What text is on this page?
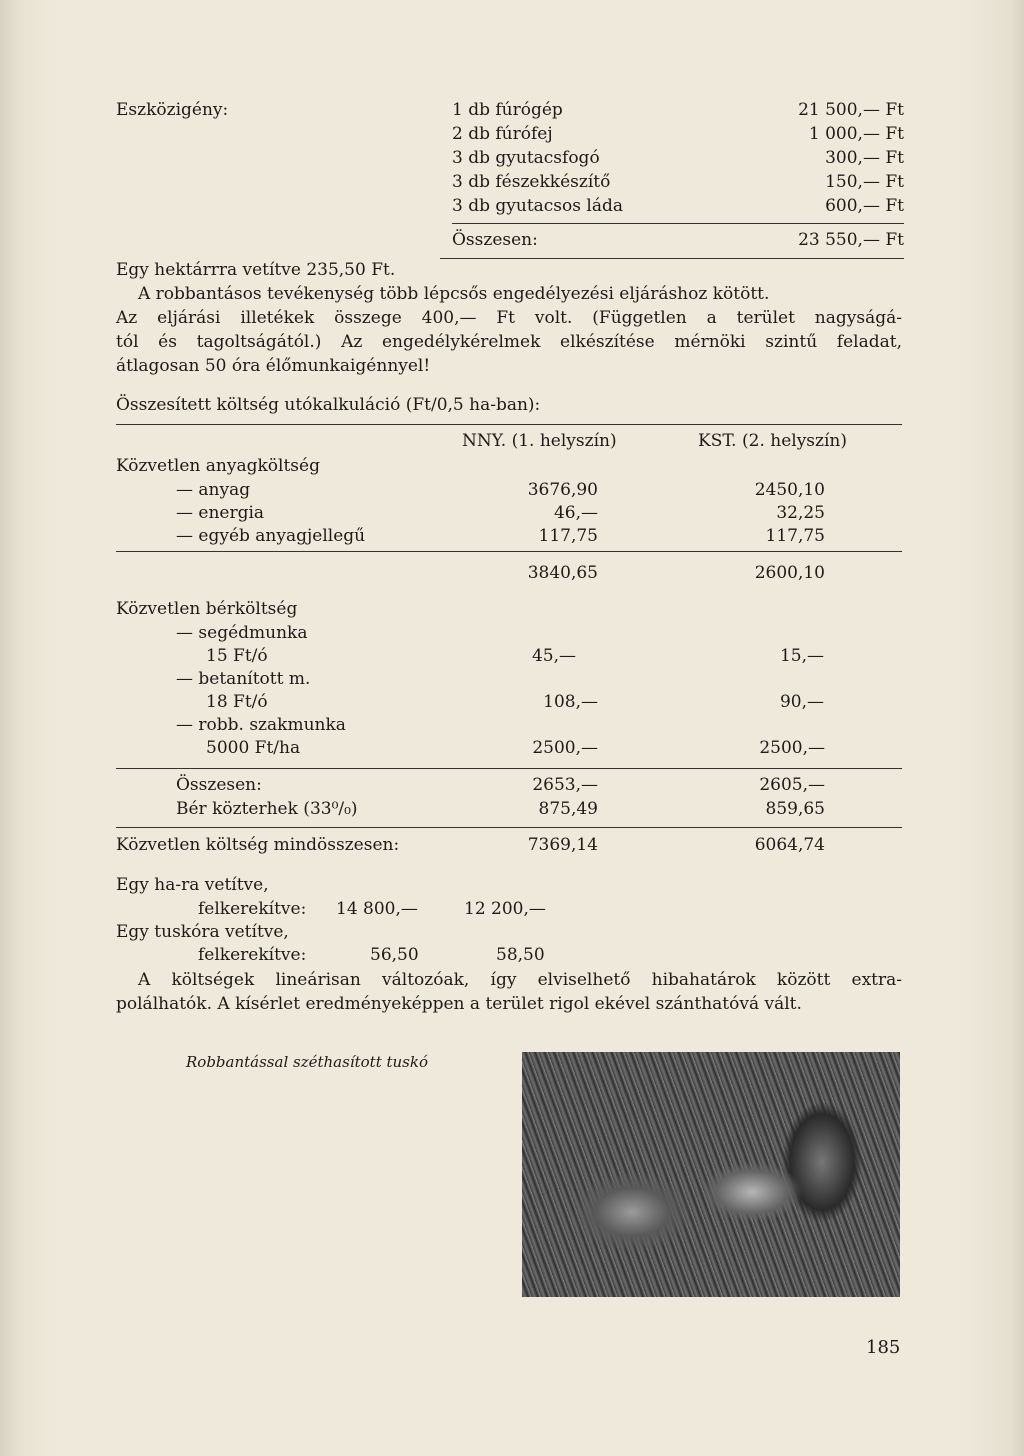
Eszközigény:	1 db fúrógép	21 500,— Ft
2 db fúrófej	1 000,— Ft
3 db gyutacsfogó	300,— Ft
3 db fészekkészítő	150,— Ft
3 db gyutacsos láda	600,— Ft
Összesen:	23 550,— Ft
Egy hektárrra vetítve 235,50 Ft.
A robbantásos tevékenység több lépcsős engedélyezési eljáráshoz kötött.
Az eljárási illetékek összege 400,— Ft volt. (Független a terület nagyságá-
tól és tagoltságától.) Az engedélykérelmek elkészítése mérnöki szintű feladat,
átlagosan 50 óra élőmunkaigénnyel!
Összesített költség utókalkuláció (Ft/0,5 ha-ban):
NNY. (1. helyszín)	KST. (2. helyszín)
Közvetlen anyagköltség
— anyag	3676,90	2450,10
— energia	46,—	32,25
— egyéb anyagjellegű	117,75	117,75
3840,65	2600,10
Közvetlen bérköltség
— segédmunka
15 Ft/ó	45,—	15,—
— betanított m.
18 Ft/ó	108,—	90,—
— robb. szakmunka
5000 Ft/ha	2500,—	2500,—
Összesen:	2653,—	2605,—
Bér közterhek (33⁰/₀)	875,49	859,65
Közvetlen költség mindösszesen:	7369,14	6064,74
Egy ha-ra vetítve,
felkerekítve: 14 800,—	12 200,—
Egy tuskóra vetítve,
felkerekítve:	56,50	58,50
A költségek lineárisan változóak, így elviselhető hibahatárok között extra-
polálhatók. A kísérlet eredményeképpen a terület rigol ekével szánthatóvá vált.
Robbantással széthasított tuskó
185
